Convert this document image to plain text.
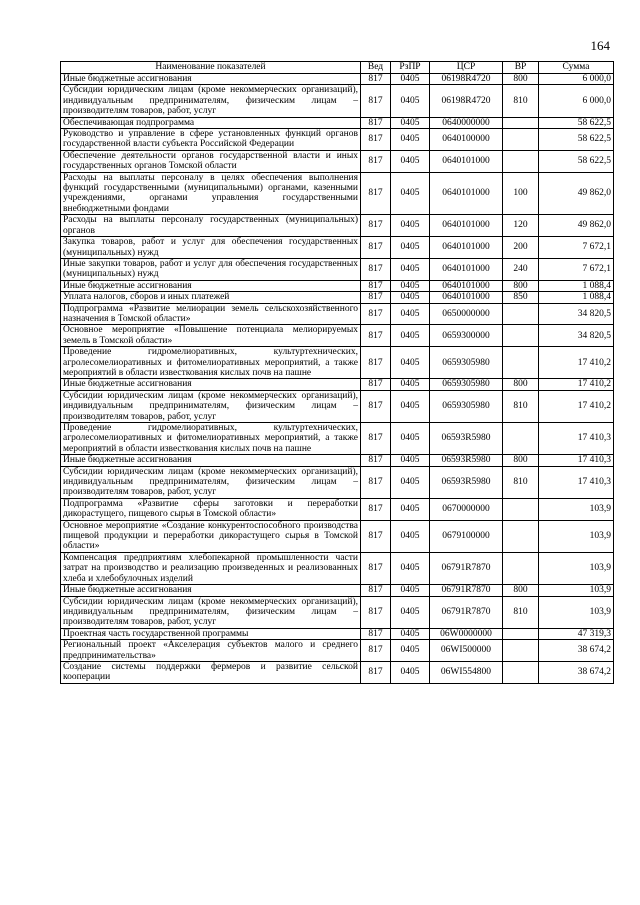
164
Наименование показателей	Вед	РзПР	ЦСР	ВР	Сумма
Иные бюджетные ассигнования	817	0405	06198R4720	800	6 000,0
Субсидии юридическим лицам (кроме некоммерческих организаций), индивидуальным предпринимателям, физическим лицам – производителям товаров, работ, услуг	817	0405	06198R4720	810	6 000,0
Обеспечивающая подпрограмма	817	0405	0640000000		58 622,5
Руководство и управление в сфере установленных функций органов государственной власти субъекта Российской Федерации	817	0405	0640100000		58 622,5
Обеспечение деятельности органов государственной власти и иных государственных органов Томской области	817	0405	0640101000		58 622,5
Расходы на выплаты персоналу в целях обеспечения выполнения функций государственными (муниципальными) органами, казенными учреждениями, органами управления государственными внебюджетными фондами	817	0405	0640101000	100	49 862,0
Расходы на выплаты персоналу государственных (муниципальных) органов	817	0405	0640101000	120	49 862,0
Закупка товаров, работ и услуг для обеспечения государственных (муниципальных) нужд	817	0405	0640101000	200	7 672,1
Иные закупки товаров, работ и услуг для обеспечения государственных (муниципальных) нужд	817	0405	0640101000	240	7 672,1
Иные бюджетные ассигнования	817	0405	0640101000	800	1 088,4
Уплата налогов, сборов и иных платежей	817	0405	0640101000	850	1 088,4
Подпрограмма «Развитие мелиорации земель сельскохозяйственного назначения в Томской области»	817	0405	0650000000		34 820,5
Основное мероприятие «Повышение потенциала мелиорируемых земель в Томской области»	817	0405	0659300000		34 820,5
Проведение гидромелиоративных, культуртехнических, агролесомелиоративных и фитомелиоративных мероприятий, а также мероприятий в области известкования кислых почв на пашне	817	0405	0659305980		17 410,2
Иные бюджетные ассигнования	817	0405	0659305980	800	17 410,2
Субсидии юридическим лицам (кроме некоммерческих организаций), индивидуальным предпринимателям, физическим лицам – производителям товаров, работ, услуг	817	0405	0659305980	810	17 410,2
Проведение гидромелиоративных, культуртехнических, агролесомелиоративных и фитомелиоративных мероприятий, а также мероприятий в области известкования кислых почв на пашне	817	0405	06593R5980		17 410,3
Иные бюджетные ассигнования	817	0405	06593R5980	800	17 410,3
Субсидии юридическим лицам (кроме некоммерческих организаций), индивидуальным предпринимателям, физическим лицам – производителям товаров, работ, услуг	817	0405	06593R5980	810	17 410,3
Подпрограмма «Развитие сферы заготовки и переработки дикорастущего, пищевого сырья в Томской области»	817	0405	0670000000		103,9
Основное мероприятие «Создание конкурентоспособного производства пищевой продукции и переработки дикорастущего сырья в Томской области»	817	0405	0679100000		103,9
Компенсация предприятиям хлебопекарной промышленности части затрат на производство и реализацию произведенных и реализованных хлеба и хлебобулочных изделий	817	0405	06791R7870		103,9
Иные бюджетные ассигнования	817	0405	06791R7870	800	103,9
Субсидии юридическим лицам (кроме некоммерческих организаций), индивидуальным предпринимателям, физическим лицам – производителям товаров, работ, услуг	817	0405	06791R7870	810	103,9
Проектная часть государственной программы	817	0405	06W0000000		47 319,3
Региональный проект «Акселерация субъектов малого и среднего предпринимательства»	817	0405	06WI500000		38 674,2
Создание системы поддержки фермеров и развитие сельской кооперации	817	0405	06WI554800		38 674,2
